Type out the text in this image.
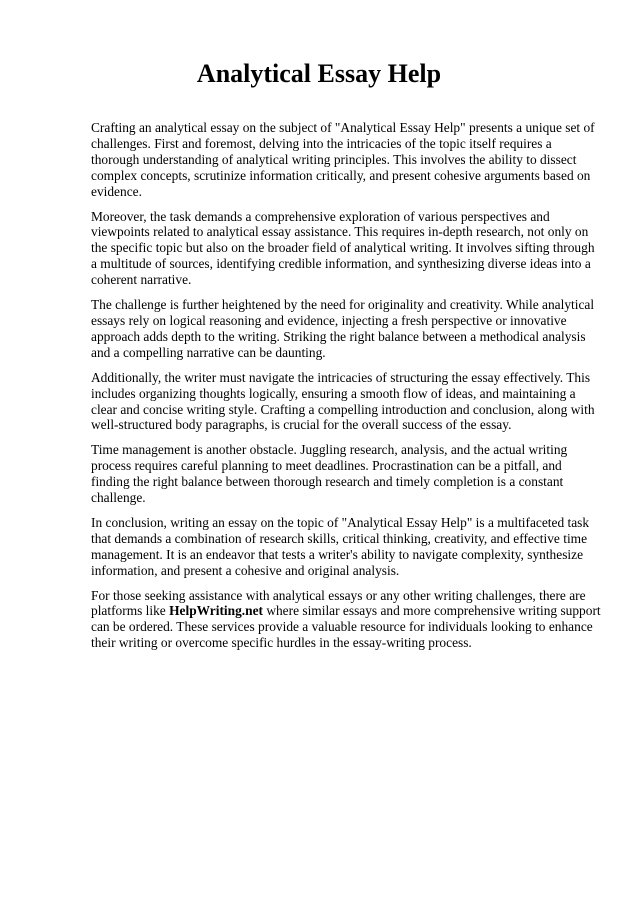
Analytical Essay Help

Crafting an analytical essay on the subject of "Analytical Essay Help" presents a unique set of challenges. First and foremost, delving into the intricacies of the topic itself requires a thorough understanding of analytical writing principles. This involves the ability to dissect complex concepts, scrutinize information critically, and present cohesive arguments based on evidence.

Moreover, the task demands a comprehensive exploration of various perspectives and viewpoints related to analytical essay assistance. This requires in-depth research, not only on the specific topic but also on the broader field of analytical writing. It involves sifting through a multitude of sources, identifying credible information, and synthesizing diverse ideas into a coherent narrative.

The challenge is further heightened by the need for originality and creativity. While analytical essays rely on logical reasoning and evidence, injecting a fresh perspective or innovative approach adds depth to the writing. Striking the right balance between a methodical analysis and a compelling narrative can be daunting.

Additionally, the writer must navigate the intricacies of structuring the essay effectively. This includes organizing thoughts logically, ensuring a smooth flow of ideas, and maintaining a clear and concise writing style. Crafting a compelling introduction and conclusion, along with well-structured body paragraphs, is crucial for the overall success of the essay.

Time management is another obstacle. Juggling research, analysis, and the actual writing process requires careful planning to meet deadlines. Procrastination can be a pitfall, and finding the right balance between thorough research and timely completion is a constant challenge.

In conclusion, writing an essay on the topic of "Analytical Essay Help" is a multifaceted task that demands a combination of research skills, critical thinking, creativity, and effective time management. It is an endeavor that tests a writer's ability to navigate complexity, synthesize information, and present a cohesive and original analysis.

For those seeking assistance with analytical essays or any other writing challenges, there are platforms like HelpWriting.net where similar essays and more comprehensive writing support can be ordered. These services provide a valuable resource for individuals looking to enhance their writing or overcome specific hurdles in the essay-writing process.
